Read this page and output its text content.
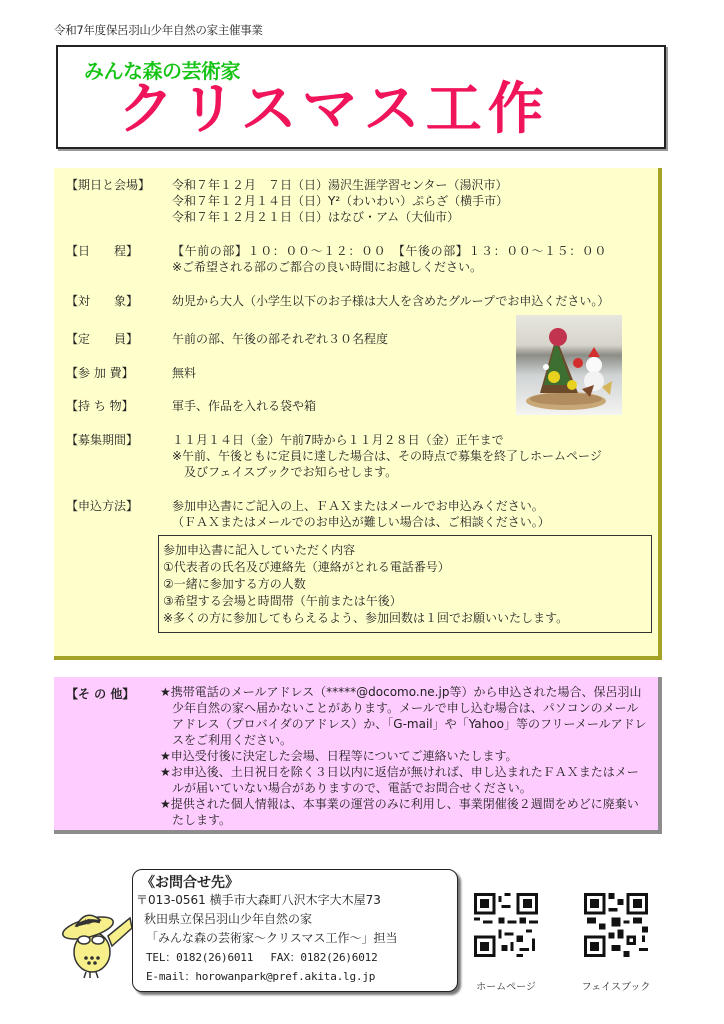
令和7年度保呂羽山少年自然の家主催事業
みんな森の芸術家
クリスマス工作
【期日と会場】	令和７年１２月　７日（日）湯沢生涯学習センター（湯沢市）
令和７年１２月１４日（日）Y²（わいわい）ぷらざ（横手市）
令和７年１２月２１日（日）はなび・アム（大仙市）
【日　　程】	【午前の部】１０：００～１２：００　【午後の部】１３：００～１５：００
※ご希望される部のご都合の良い時間にお越しください。
【対　　象】	幼児から大人（小学生以下のお子様は大人を含めたグループでお申込ください。）
【定　　員】	午前の部、午後の部それぞれ３０名程度
【参 加 費】	無料
【持 ち 物】	軍手、作品を入れる袋や箱
【募集期間】	１１月１４日（金）午前7時から１１月２８日（金）正午まで
※午前、午後ともに定員に達した場合は、その時点で募集を終了しホームページ
及びフェイスブックでお知らせします。
【申込方法】	参加申込書にご記入の上、ＦＡＸまたはメールでお申込みください。
（ＦＡＸまたはメールでのお申込が難しい場合は、ご相談ください。）
参加申込書に記入していただく内容
①代表者の氏名及び連絡先（連絡がとれる電話番号）
②一緒に参加する方の人数
③希望する会場と時間帯（午前または午後）
※多くの方に参加してもらえるよう、参加回数は１回でお願いいたします。
【そ の 他】 ★携帯電話のメールアドレス（*****@docomo.ne.jp等）から申込された場合、保呂羽山少年自然の家へ届かないことがあります。メールで申し込む場合は、パソコンのメールアドレス（プロバイダのアドレス）か、「G-mail」や「Yahoo」等のフリーメールアドレスをご利用ください。
★申込受付後に決定した会場、日程等についてご連絡いたします。
★お申込後、土日祝日を除く３日以内に返信が無ければ、申し込まれたＦＡＸまたはメールが届いていない場合がありますので、電話でお問合せください。
★提供された個人情報は、本事業の運営のみに利用し、事業閉催後２週間をめどに廃棄いたします。
ほ
《お問合せ先》
〒013-0561 横手市大森町八沢木字大木屋73
秋田県立保呂羽山少年自然の家
「みんな森の芸術家～クリスマス工作～」担当
TEL：0182(26)6011　 FAX：0182(26)6012
E-mail：horowanpark@pref.akita.lg.jp
ホームページ	フェイスブック
